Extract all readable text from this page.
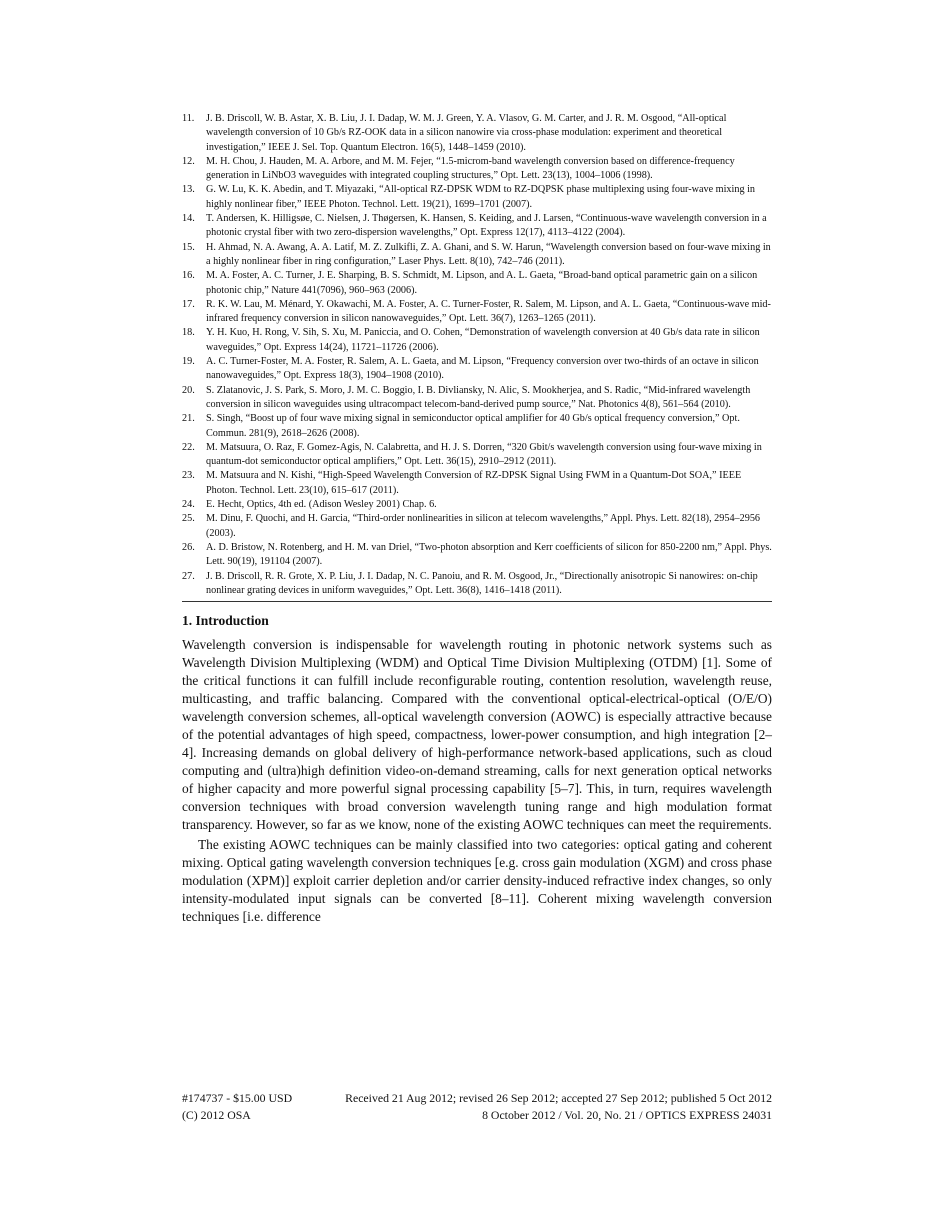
11. J. B. Driscoll, W. B. Astar, X. B. Liu, J. I. Dadap, W. M. J. Green, Y. A. Vlasov, G. M. Carter, and J. R. M. Osgood, “All-optical wavelength conversion of 10 Gb/s RZ-OOK data in a silicon nanowire via cross-phase modulation: experiment and theoretical investigation,” IEEE J. Sel. Top. Quantum Electron. 16(5), 1448–1459 (2010).
12. M. H. Chou, J. Hauden, M. A. Arbore, and M. M. Fejer, “1.5-microm-band wavelength conversion based on difference-frequency generation in LiNbO3 waveguides with integrated coupling structures,” Opt. Lett. 23(13), 1004–1006 (1998).
13. G. W. Lu, K. K. Abedin, and T. Miyazaki, “All-optical RZ-DPSK WDM to RZ-DQPSK phase multiplexing using four-wave mixing in highly nonlinear fiber,” IEEE Photon. Technol. Lett. 19(21), 1699–1701 (2007).
14. T. Andersen, K. Hilligsøe, C. Nielsen, J. Thøgersen, K. Hansen, S. Keiding, and J. Larsen, “Continuous-wave wavelength conversion in a photonic crystal fiber with two zero-dispersion wavelengths,” Opt. Express 12(17), 4113–4122 (2004).
15. H. Ahmad, N. A. Awang, A. A. Latif, M. Z. Zulkifli, Z. A. Ghani, and S. W. Harun, “Wavelength conversion based on four-wave mixing in a highly nonlinear fiber in ring configuration,” Laser Phys. Lett. 8(10), 742–746 (2011).
16. M. A. Foster, A. C. Turner, J. E. Sharping, B. S. Schmidt, M. Lipson, and A. L. Gaeta, “Broad-band optical parametric gain on a silicon photonic chip,” Nature 441(7096), 960–963 (2006).
17. R. K. W. Lau, M. Ménard, Y. Okawachi, M. A. Foster, A. C. Turner-Foster, R. Salem, M. Lipson, and A. L. Gaeta, “Continuous-wave mid-infrared frequency conversion in silicon nanowaveguides,” Opt. Lett. 36(7), 1263–1265 (2011).
18. Y. H. Kuo, H. Rong, V. Sih, S. Xu, M. Paniccia, and O. Cohen, “Demonstration of wavelength conversion at 40 Gb/s data rate in silicon waveguides,” Opt. Express 14(24), 11721–11726 (2006).
19. A. C. Turner-Foster, M. A. Foster, R. Salem, A. L. Gaeta, and M. Lipson, “Frequency conversion over two-thirds of an octave in silicon nanowaveguides,” Opt. Express 18(3), 1904–1908 (2010).
20. S. Zlatanovic, J. S. Park, S. Moro, J. M. C. Boggio, I. B. Divliansky, N. Alic, S. Mookherjea, and S. Radic, “Mid-infrared wavelength conversion in silicon waveguides using ultracompact telecom-band-derived pump source,” Nat. Photonics 4(8), 561–564 (2010).
21. S. Singh, “Boost up of four wave mixing signal in semiconductor optical amplifier for 40 Gb/s optical frequency conversion,” Opt. Commun. 281(9), 2618–2626 (2008).
22. M. Matsuura, O. Raz, F. Gomez-Agis, N. Calabretta, and H. J. S. Dorren, “320 Gbit/s wavelength conversion using four-wave mixing in quantum-dot semiconductor optical amplifiers,” Opt. Lett. 36(15), 2910–2912 (2011).
23. M. Matsuura and N. Kishi, “High-Speed Wavelength Conversion of RZ-DPSK Signal Using FWM in a Quantum-Dot SOA,” IEEE Photon. Technol. Lett. 23(10), 615–617 (2011).
24. E. Hecht, Optics, 4th ed. (Adison Wesley 2001) Chap. 6.
25. M. Dinu, F. Quochi, and H. Garcia, “Third-order nonlinearities in silicon at telecom wavelengths,” Appl. Phys. Lett. 82(18), 2954–2956 (2003).
26. A. D. Bristow, N. Rotenberg, and H. M. van Driel, “Two-photon absorption and Kerr coefficients of silicon for 850-2200 nm,” Appl. Phys. Lett. 90(19), 191104 (2007).
27. J. B. Driscoll, R. R. Grote, X. P. Liu, J. I. Dadap, N. C. Panoiu, and R. M. Osgood, Jr., “Directionally anisotropic Si nanowires: on-chip nonlinear grating devices in uniform waveguides,” Opt. Lett. 36(8), 1416–1418 (2011).
1. Introduction

Wavelength conversion is indispensable for wavelength routing in photonic network systems such as Wavelength Division Multiplexing (WDM) and Optical Time Division Multiplexing (OTDM) [1]. Some of the critical functions it can fulfill include reconfigurable routing, contention resolution, wavelength reuse, multicasting, and traffic balancing. Compared with the conventional optical-electrical-optical (O/E/O) wavelength conversion schemes, all-optical wavelength conversion (AOWC) is especially attractive because of the potential advantages of high speed, compactness, lower-power consumption, and high integration [2–4]. Increasing demands on global delivery of high-performance network-based applications, such as cloud computing and (ultra)high definition video-on-demand streaming, calls for next generation optical networks of higher capacity and more powerful signal processing capability [5–7]. This, in turn, requires wavelength conversion techniques with broad conversion wavelength tuning range and high modulation format transparency. However, so far as we know, none of the existing AOWC techniques can meet the requirements.

The existing AOWC techniques can be mainly classified into two categories: optical gating and coherent mixing. Optical gating wavelength conversion techniques [e.g. cross gain modulation (XGM) and cross phase modulation (XPM)] exploit carrier depletion and/or carrier density-induced refractive index changes, so only intensity-modulated input signals can be converted [8–11]. Coherent mixing wavelength conversion techniques [i.e. difference

#174737 - $15.00 USD	Received 21 Aug 2012; revised 26 Sep 2012; accepted 27 Sep 2012; published 5 Oct 2012
(C) 2012 OSA	8 October 2012 / Vol. 20, No. 21 / OPTICS EXPRESS 24031
